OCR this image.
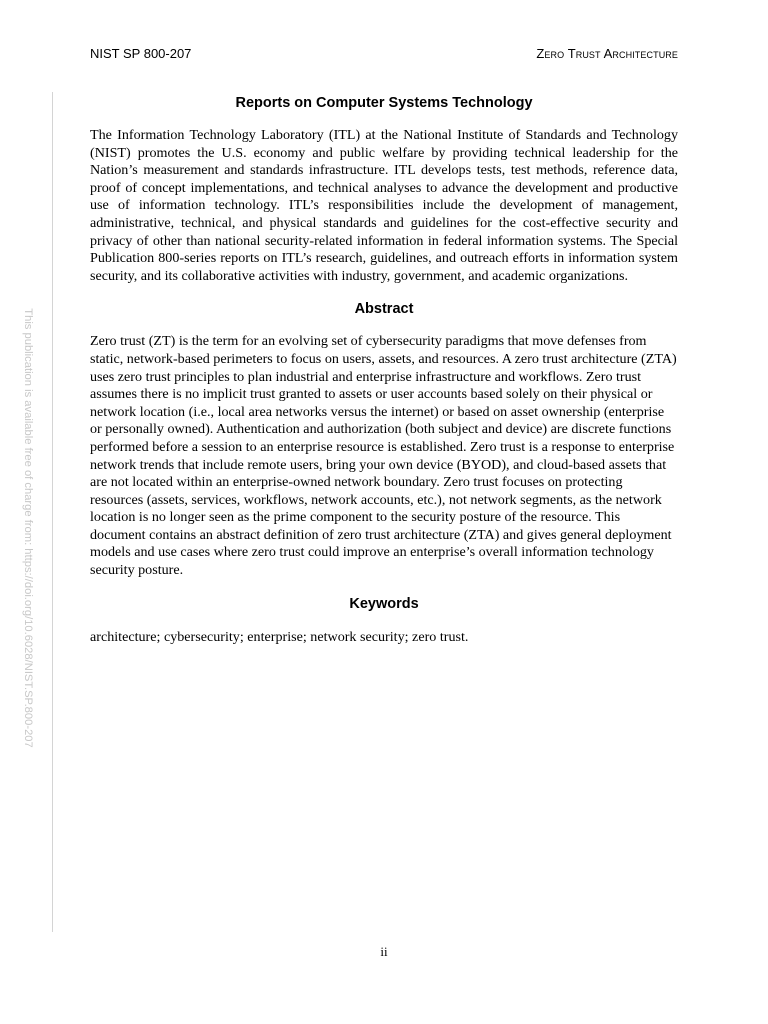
NIST SP 800-207	Zero Trust Architecture
This publication is available free of charge from: https://doi.org/10.6028/NIST.SP.800-207
Reports on Computer Systems Technology

The Information Technology Laboratory (ITL) at the National Institute of Standards and Technology (NIST) promotes the U.S. economy and public welfare by providing technical leadership for the Nation’s measurement and standards infrastructure. ITL develops tests, test methods, reference data, proof of concept implementations, and technical analyses to advance the development and productive use of information technology. ITL’s responsibilities include the development of management, administrative, technical, and physical standards and guidelines for the cost-effective security and privacy of other than national security-related information in federal information systems. The Special Publication 800-series reports on ITL’s research, guidelines, and outreach efforts in information system security, and its collaborative activities with industry, government, and academic organizations.

Abstract

Zero trust (ZT) is the term for an evolving set of cybersecurity paradigms that move defenses from static, network-based perimeters to focus on users, assets, and resources. A zero trust architecture (ZTA) uses zero trust principles to plan industrial and enterprise infrastructure and workflows. Zero trust assumes there is no implicit trust granted to assets or user accounts based solely on their physical or network location (i.e., local area networks versus the internet) or based on asset ownership (enterprise or personally owned). Authentication and authorization (both subject and device) are discrete functions performed before a session to an enterprise resource is established. Zero trust is a response to enterprise network trends that include remote users, bring your own device (BYOD), and cloud-based assets that are not located within an enterprise-owned network boundary. Zero trust focuses on protecting resources (assets, services, workflows, network accounts, etc.), not network segments, as the network location is no longer seen as the prime component to the security posture of the resource. This document contains an abstract definition of zero trust architecture (ZTA) and gives general deployment models and use cases where zero trust could improve an enterprise’s overall information technology security posture.

Keywords

architecture; cybersecurity; enterprise; network security; zero trust.

ii
